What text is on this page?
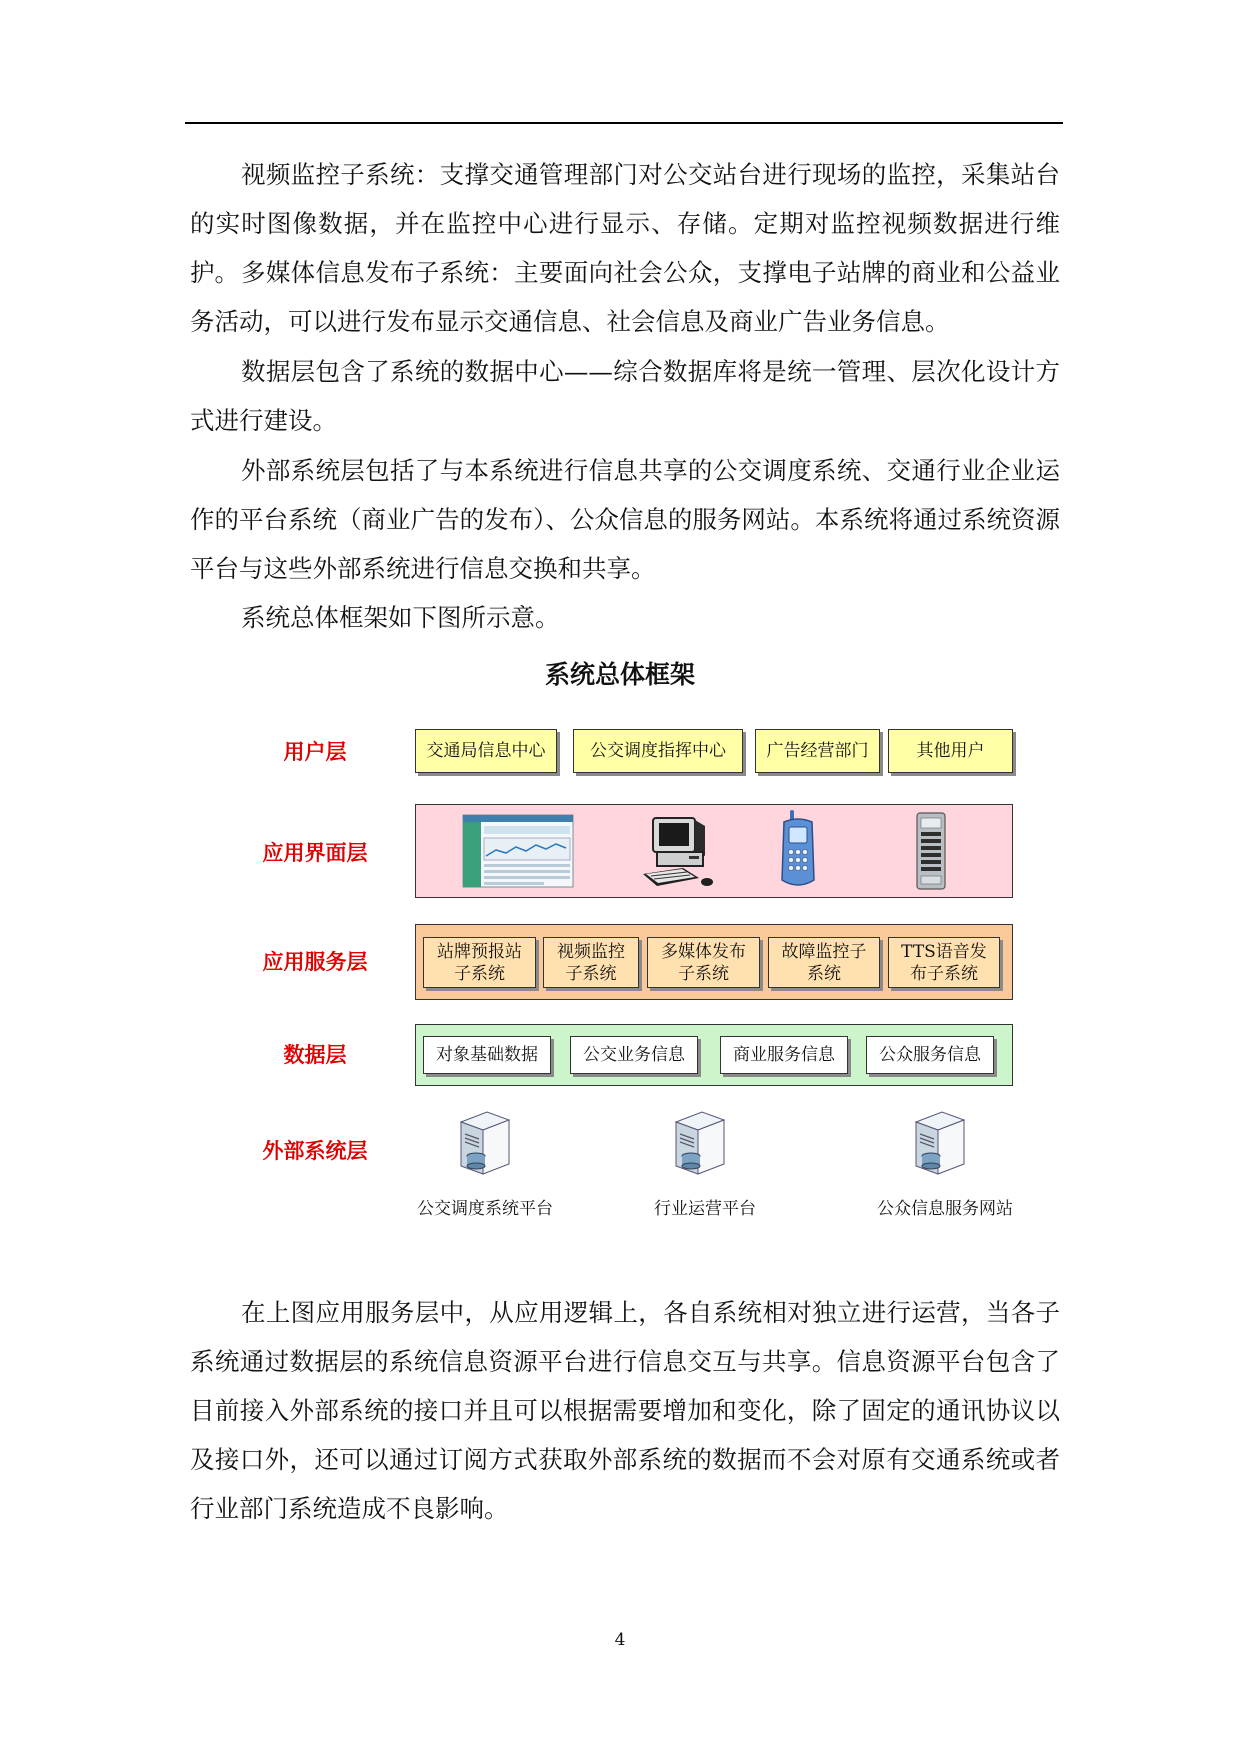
视频监控子系统：支撑交通管理部门对公交站台进行现场的监控，采集站台的实时图像数据，并在监控中心进行显示、存储。定期对监控视频数据进行维护。 多媒体信息发布子系统：主要面向社会公众，支撑电子站牌的商业和公益业务活动，可以进行发布显示交通信息、社会信息及商业广告业务信息。

数据层包含了系统的数据中心——综合数据库将是统一管理、层次化设计方式进行建设。

外部系统层包括了与本系统进行信息共享的公交调度系统、交通行业企业运作的平台系统（商业广告的发布）、公众信息的服务网站。本系统将通过系统资源平台与这些外部系统进行信息交换和共享。

系统总体框架如下图所示意。

系统总体框架
用户层
应用界面层
应用服务层
数据层
外部系统层
交通局信息中心	公交调度指挥中心 广告经营部门	其他用户
站牌预报站
子系统
视频监控
子系统
多媒体发布
子系统
故障监控子
系统
TTS语音发
布子系统
对象基础数据	公交业务信息	商业服务信息	公众服务信息
公交调度系统平台	行业运营平台	公众信息服务网站

在上图应用服务层中，从应用逻辑上，各自系统相对独立进行运营，当各子系统通过数据层的系统信息资源平台进行信息交互与共享。信息资源平台包含了目前接入外部系统的接口并且可以根据需要增加和变化，除了固定的通讯协议以及接口外，还可以通过订阅方式获取外部系统的数据而不会对原有交通系统或者行业部门系统造成不良影响。

4
